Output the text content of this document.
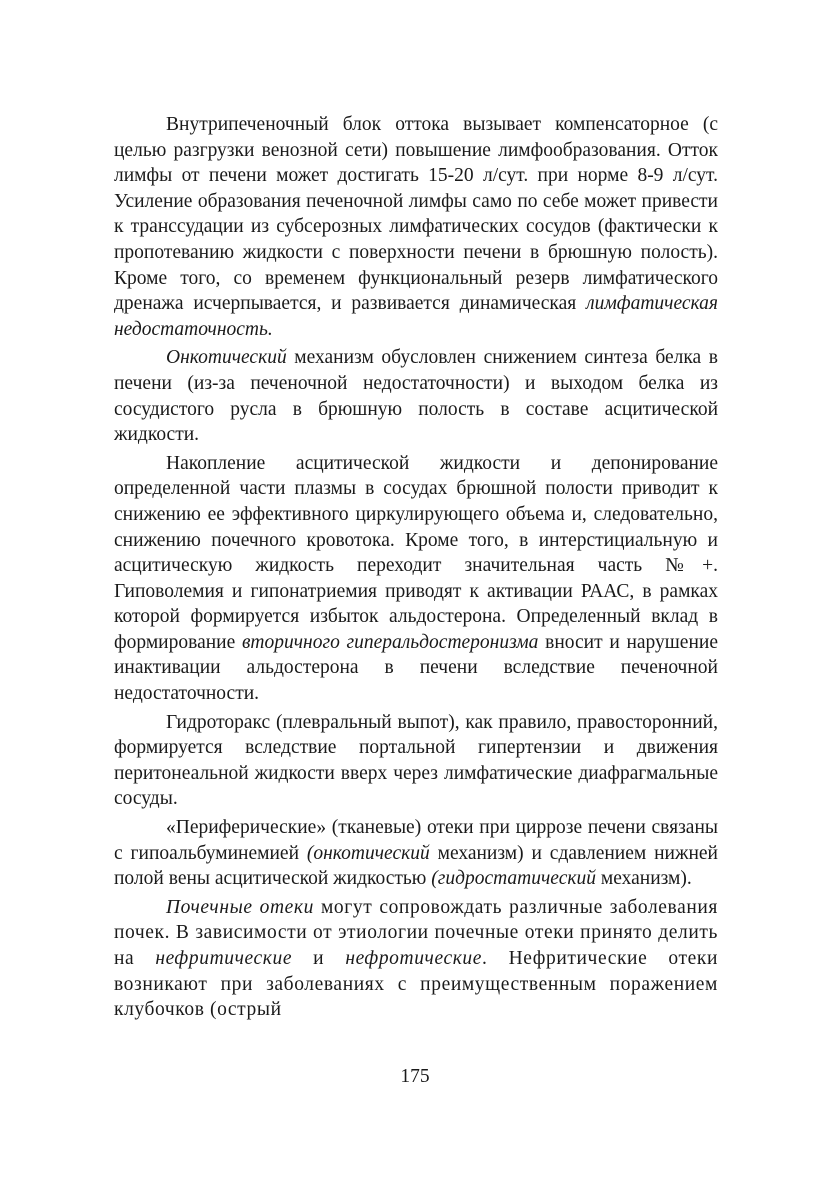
Внутрипеченочный блок оттока вызывает компенсаторное (с целью разгрузки венозной сети) повышение лимфообразования. Отток лимфы от печени может достигать 15-20 л/сут. при норме 8-9 л/сут. Усиление образования печеночной лимфы само по себе может привести к транссудации из субсерозных лимфатических сосудов (фактически к пропотеванию жидкости с поверхности печени в брюшную полость). Кроме того, со временем функциональный резерв лимфатического дренажа исчерпывается, и развивается динамическая лимфатическая недостаточность.

Онкотический механизм обусловлен снижением синтеза белка в печени (из-за печеночной недостаточности) и выходом белка из сосудистого русла в брюшную полость в составе асцитической жидкости.

Накопление асцитической жидкости и депонирование определенной части плазмы в сосудах брюшной полости приводит к снижению ее эффективного циркулирующего объема и, следовательно, снижению почечного кровотока. Кроме того, в интерстициальную и асцитическую жидкость переходит значительная часть №+. Гиповолемия и гипонатриемия приводят к активации РААС, в рамках которой формируется избыток альдостерона. Определенный вклад в формирование вторичного гиперальдостеронизма вносит и нарушение инактивации альдостерона в печени вследствие печеночной недостаточности.

Гидроторакс (плевральный выпот), как правило, правосторонний, формируется вследствие портальной гипертензии и движения перитонеальной жидкости вверх через лимфатические диафрагмальные сосуды.

«Периферические» (тканевые) отеки при циррозе печени связаны с гипоальбуминемией (онкотический механизм) и сдавлением нижней полой вены асцитической жидкостью (гидростатический механизм).

Почечные отеки могут сопровождать различные заболевания почек. В зависимости от этиологии почечные отеки принято делить на нефритические и нефротические. Нефритические отеки возникают при заболеваниях с преимущественным поражением клубочков (острый

175
